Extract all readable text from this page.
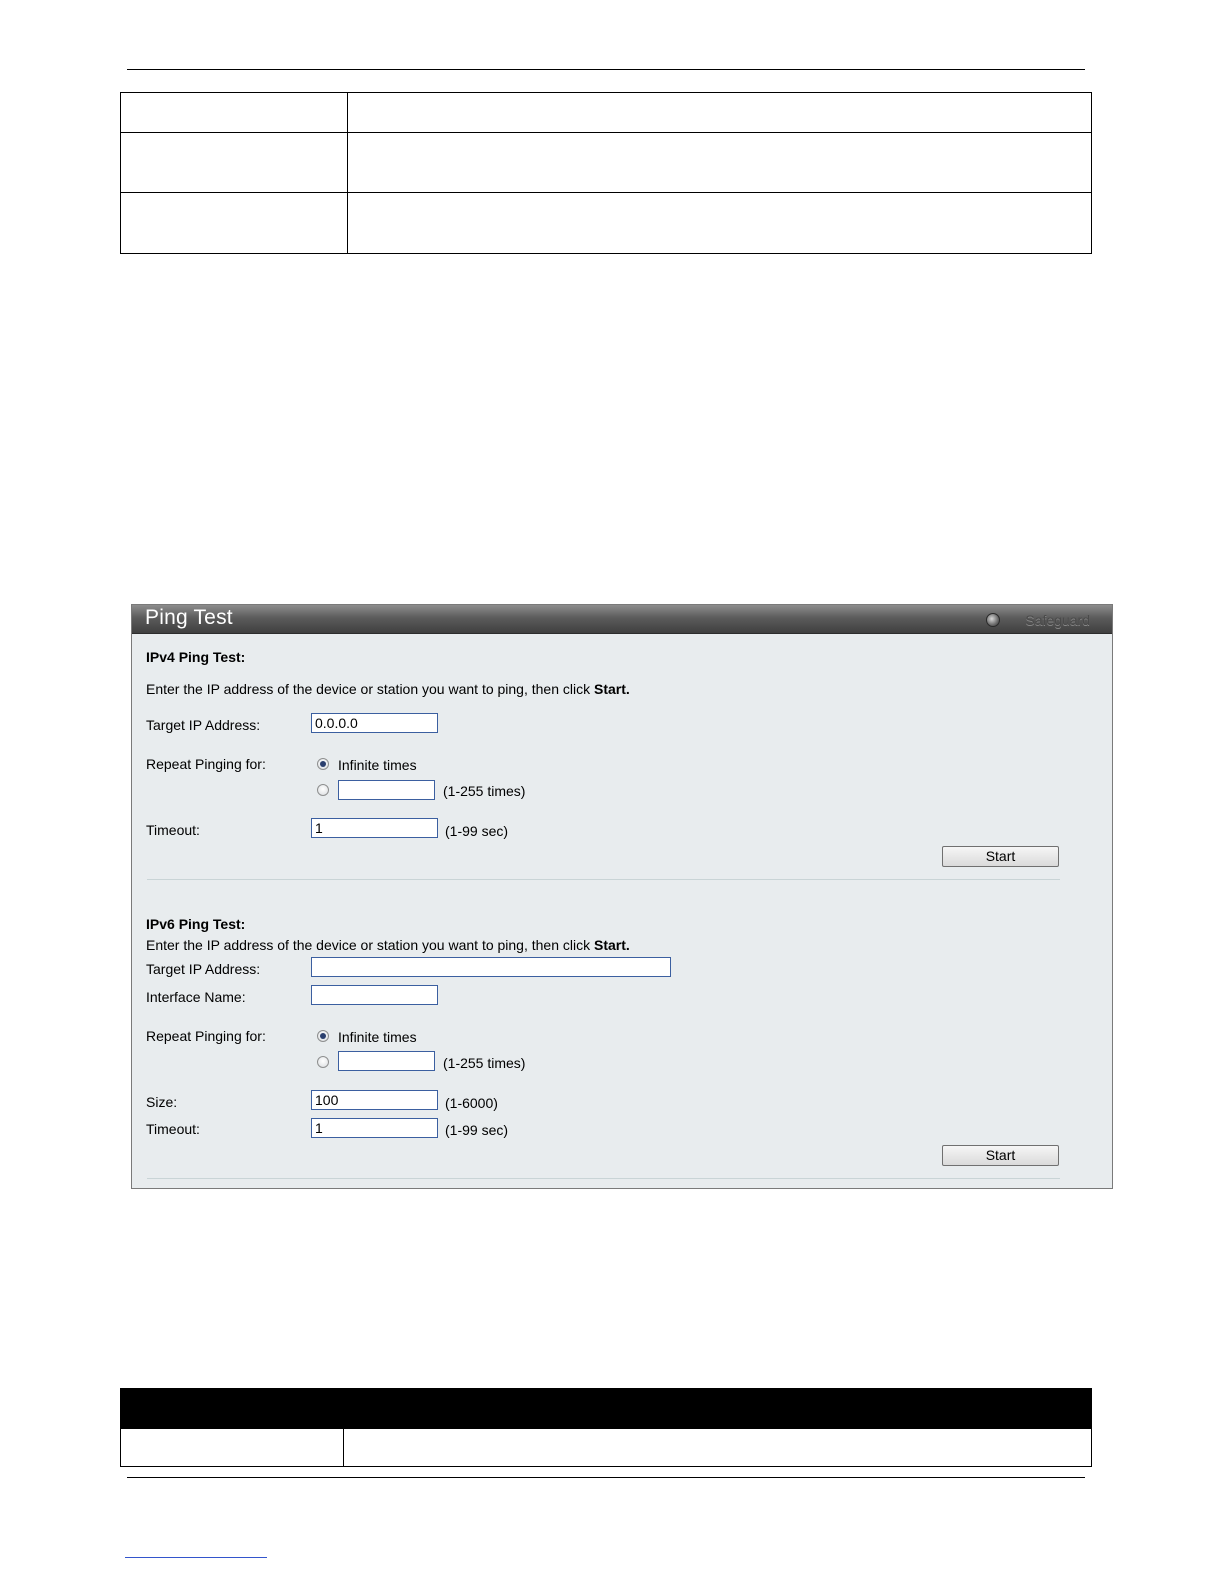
Ping Test	Safeguard
IPv4 Ping Test:
Enter the IP address of the device or station you want to ping, then click Start.
Target IP Address:	0.0.0.0
Repeat Pinging for:	Infinite times
(1-255 times)
Timeout:	1	(1-99 sec)
Start
IPv6 Ping Test:
Enter the IP address of the device or station you want to ping, then click Start.
Target IP Address:
Interface Name:
Repeat Pinging for:	Infinite times
(1-255 times)
Size:	100	(1-6000)
Timeout:	1	(1-99 sec)
Start
